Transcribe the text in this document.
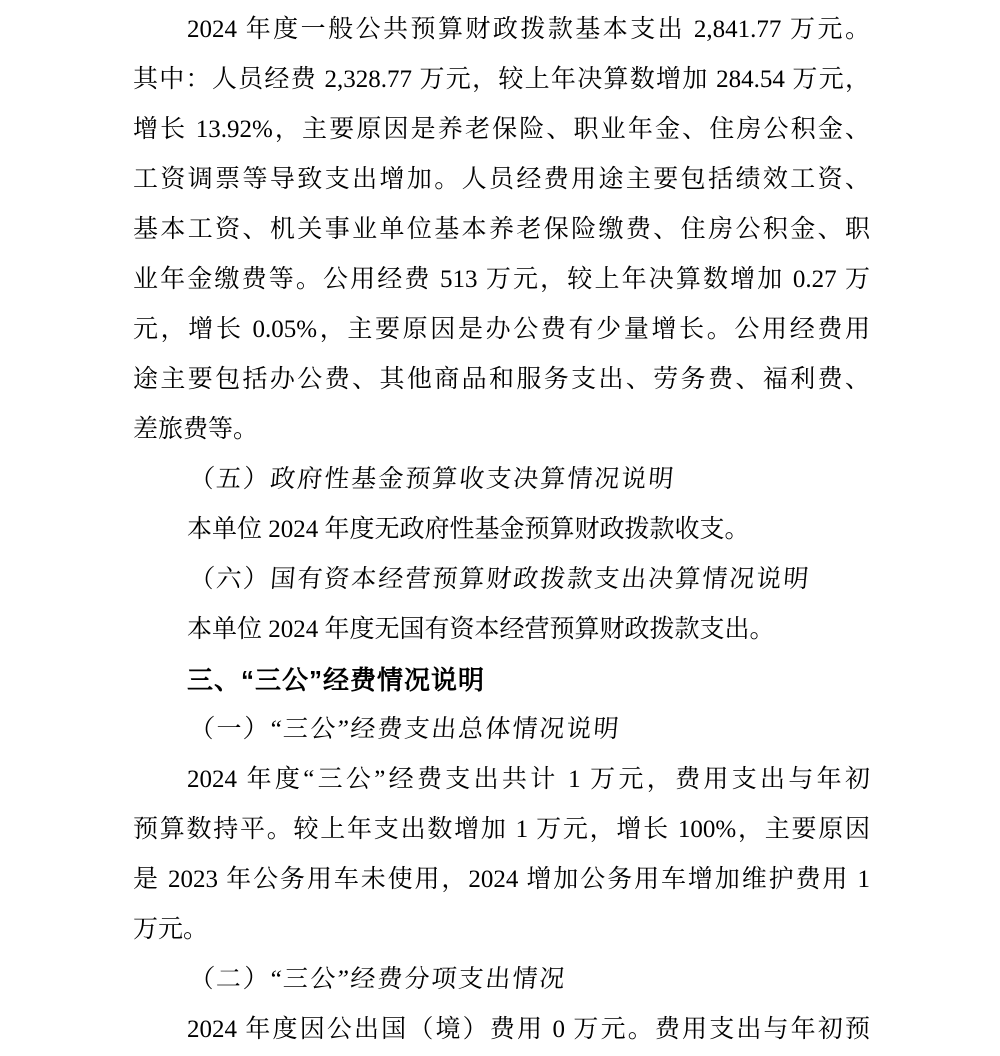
2024 年度一般公共预算财政拨款基本支出 2,841.77 万元。
其中：人员经费 2,328.77 万元，较上年决算数增加 284.54 万元，
增长 13.92%，主要原因是养老保险、职业年金、住房公积金、
工资调票等导致支出增加。人员经费用途主要包括绩效工资、
基本工资、机关事业单位基本养老保险缴费、住房公积金、职
业年金缴费等。公用经费 513 万元，较上年决算数增加 0.27 万
元，增长 0.05%，主要原因是办公费有少量增长。公用经费用
途主要包括办公费、其他商品和服务支出、劳务费、福利费、
差旅费等。
（五）政府性基金预算收支决算情况说明
本单位 2024 年度无政府性基金预算财政拨款收支。
（六）国有资本经营预算财政拨款支出决算情况说明
本单位 2024 年度无国有资本经营预算财政拨款支出。
三、“三公”经费情况说明
（一）“三公”经费支出总体情况说明
2024 年度“三公”经费支出共计 1 万元，费用支出与年初
预算数持平。较上年支出数增加 1 万元，增长 100%，主要原因
是 2023 年公务用车未使用，2024 增加公务用车增加维护费用 1
万元。
（二）“三公”经费分项支出情况
2024 年度因公出国（境）费用 0 万元。费用支出与年初预
